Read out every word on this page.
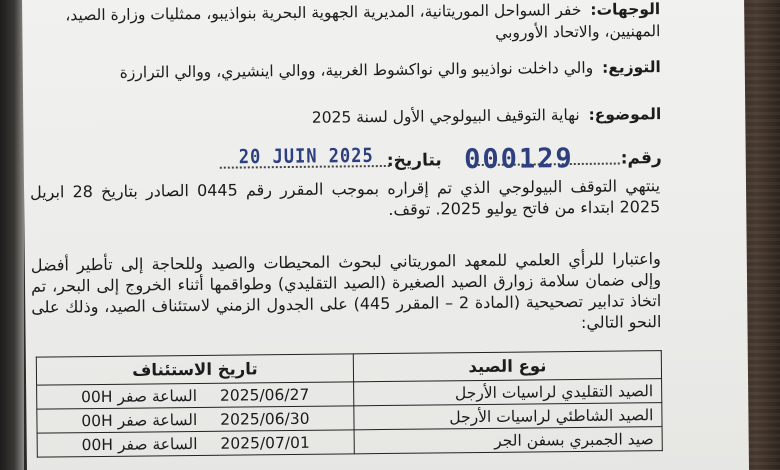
الوجهات: خفر السواحل الموريتانية، المديرية الجهوية البحرية بنواذيبو، ممثليات وزارة الصيد،
المهنيين، والاتحاد الأوروبي
التوزيع: والي داخلت نواذيبو والي نواكشوط الغربية، ووالي اينشيري، ووالي الترارزة
الموضوع: نهاية التوقيف البيولوجي الأول لسنة 2025
رقم:
000129
بتاريخ:
20 JUIN 2025

ينتهي التوقف البيولوجي الذي تم إقراره بموجب المقرر رقم 0445 الصادر بتاريخ 28 ابريل 2025 ابتداء من فاتح يوليو 2025. توقف.

واعتبارا للرأي العلمي للمعهد الموريتاني لبحوث المحيطات والصيد وللحاجة إلى تأطير أفضل وإلى ضمان سلامة زوارق الصيد الصغيرة (الصيد التقليدي) وطواقمها أثناء الخروج إلى البحر، تم اتخاذ تدابير تصحيحية (المادة 2 – المقرر 445) على الجدول الزمني لاستئناف الصيد، وذلك على النحو التالي:

نوع الصيد	تاريخ الاستئناف
الصيد التقليدي لراسيات الأرجل	2025/06/27 الساعة صفر 00H
الصيد الشاطئي لراسيات الأرجل	2025/06/30 الساعة صفر 00H
صيد الجمبري بسفن الجر	2025/07/01 الساعة صفر 00H
